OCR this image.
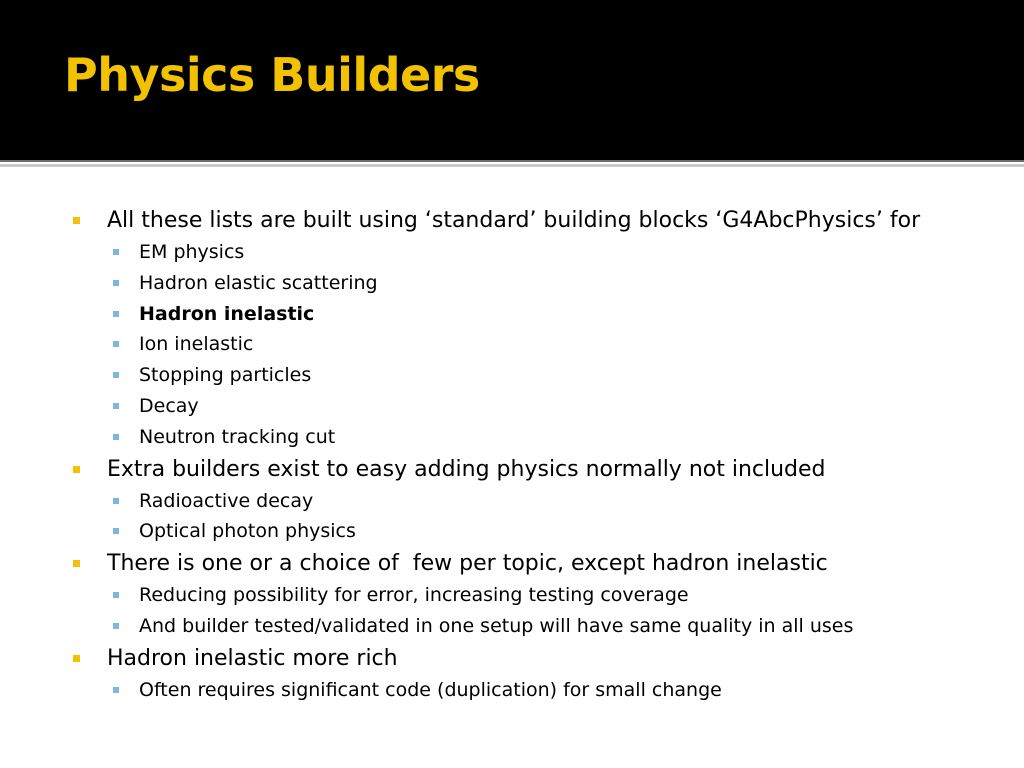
Physics Builders
All these lists are built using ‘standard’ building blocks ‘G4AbcPhysics’ for
EM physics
Hadron elastic scattering
Hadron inelastic
Ion inelastic
Stopping particles
Decay
Neutron tracking cut
Extra builders exist to easy adding physics normally not included
Radioactive decay
Optical photon physics
There is one or a choice of  few per topic, except hadron inelastic
Reducing possibility for error, increasing testing coverage
And builder tested/validated in one setup will have same quality in all uses
Hadron inelastic more rich
Often requires significant code (duplication) for small change
